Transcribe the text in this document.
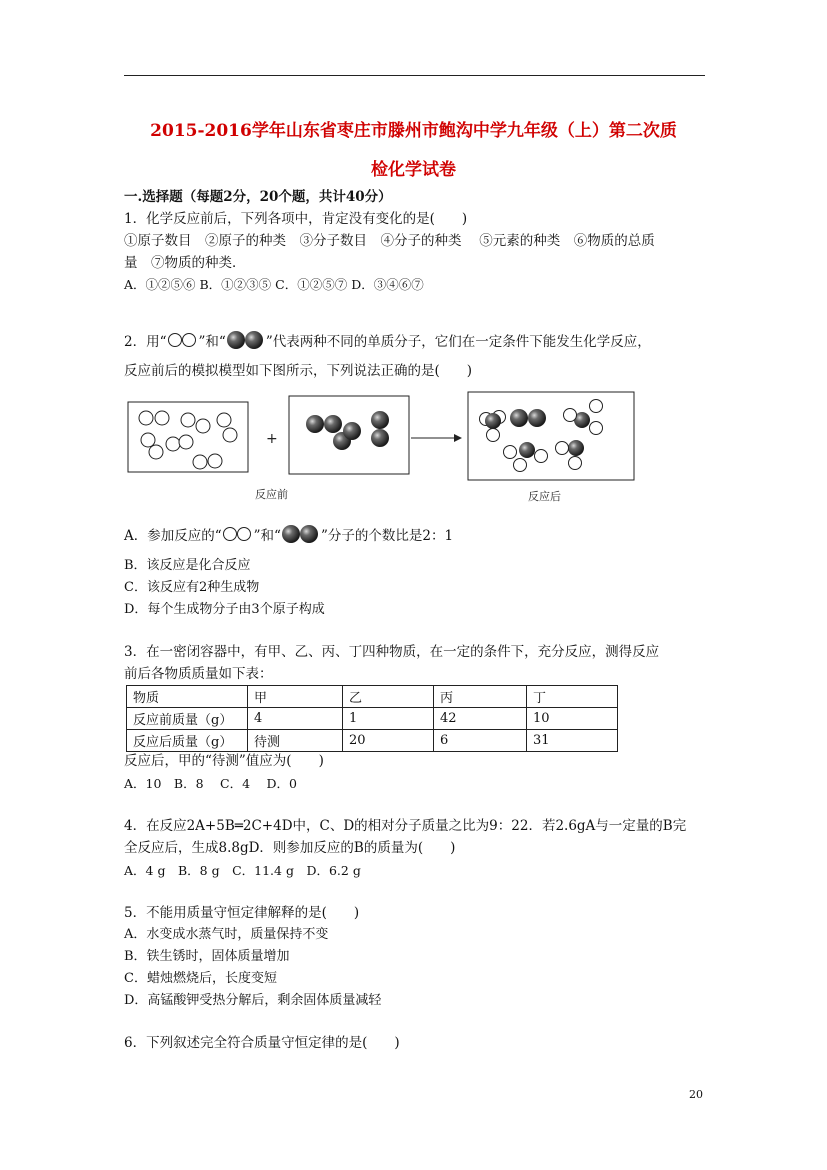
2015-2016学年山东省枣庄市滕州市鲍沟中学九年级（上）第二次质
检化学试卷
一.选择题（每题2分，20个题，共计40分）
1．化学反应前后，下列各项中，肯定没有变化的是(　　)
①原子数目　②原子的种类　③分子数目　④分子的种类　 ⑤元素的种类　⑥物质的总质
量　⑦物质的种类．
A．①②⑤⑥ B．①②③⑤ C．①②⑤⑦ D．③④⑥⑦
2．用“ ”和“	”代表两种不同的单质分子，它们在一定条件下能发生化学反应，
反应前后的模拟模型如下图所示，下列说法正确的是(　　)
+
反应前	反应后
A．参加反应的“ ”和“	”分子的个数比是2：1
B．该反应是化合反应
C．该反应有2种生成物
D．每个生成物分子由3个原子构成
3．在一密闭容器中，有甲、乙、丙、丁四种物质，在一定的条件下，充分反应，测得反应
前后各物质质量如下表：
物质	甲	乙	丙	丁
反应前质量（g）	4	1	42	10
反应后质量（g）	待测	20	6	31
反应后，甲的“待测”值应为(　　)
A．10　B．8　 C．4　 D．0
4．在反应2A+5B═2C+4D中，C、D的相对分子质量之比为9：22．若2.6gA与一定量的B完
全反应后，生成8.8gD．则参加反应的B的质量为(　　)
A．4 g　B．8 g　C．11.4 g　D．6.2 g
5．不能用质量守恒定律解释的是(　　)
A．水变成水蒸气时，质量保持不变
B．铁生锈时，固体质量增加
C．蜡烛燃烧后，长度变短
D．高锰酸钾受热分解后，剩余固体质量减轻
6．下列叙述完全符合质量守恒定律的是(　　)
20
